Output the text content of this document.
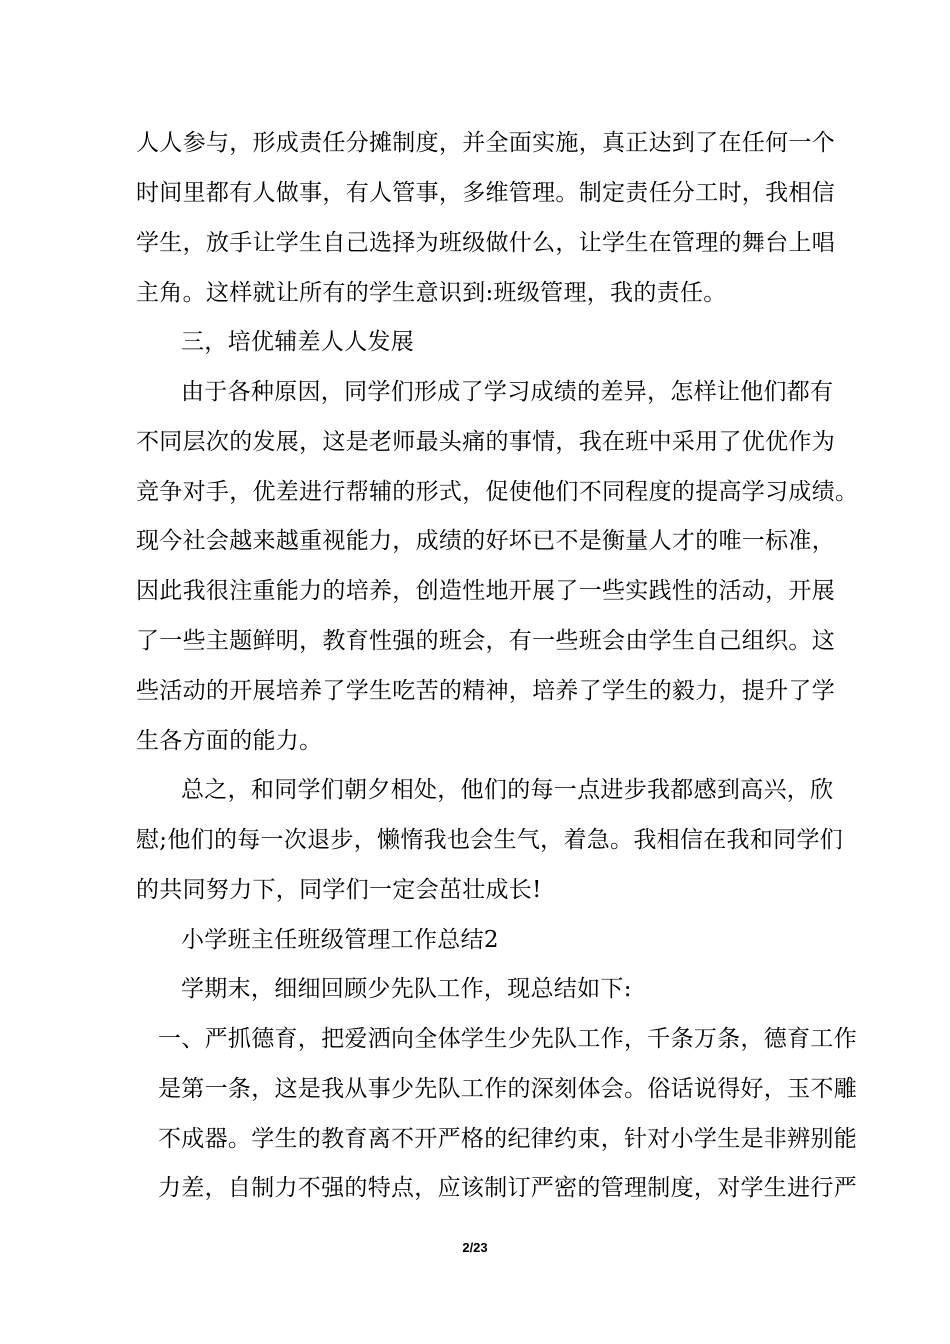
人人参与，形成责任分摊制度，并全面实施，真正达到了在任何一个
时间里都有人做事，有人管事，多维管理。制定责任分工时，我相信
学生，放手让学生自己选择为班级做什么，让学生在管理的舞台上唱
主角。这样就让所有的学生意识到:班级管理，我的责任。
三，培优辅差人人发展
由于各种原因，同学们形成了学习成绩的差异，怎样让他们都有
不同层次的发展，这是老师最头痛的事情，我在班中采用了优优作为
竞争对手，优差进行帮辅的形式，促使他们不同程度的提高学习成绩。
现今社会越来越重视能力，成绩的好坏已不是衡量人才的唯一标准，
因此我很注重能力的培养，创造性地开展了一些实践性的活动，开展
了一些主题鲜明，教育性强的班会，有一些班会由学生自己组织。这
些活动的开展培养了学生吃苦的精神，培养了学生的毅力，提升了学
生各方面的能力。
总之，和同学们朝夕相处，他们的每一点进步我都感到高兴，欣
慰;他们的每一次退步，懒惰我也会生气，着急。我相信在我和同学们
的共同努力下，同学们一定会茁壮成长!
小学班主任班级管理工作总结2
学期末，细细回顾少先队工作，现总结如下:
一、严抓德育，把爱洒向全体学生少先队工作，千条万条，德育工作
是第一条，这是我从事少先队工作的深刻体会。俗话说得好，玉不雕
不成器。学生的教育离不开严格的纪律约束，针对小学生是非辨别能
力差，自制力不强的特点，应该制订严密的管理制度，对学生进行严
2/23
